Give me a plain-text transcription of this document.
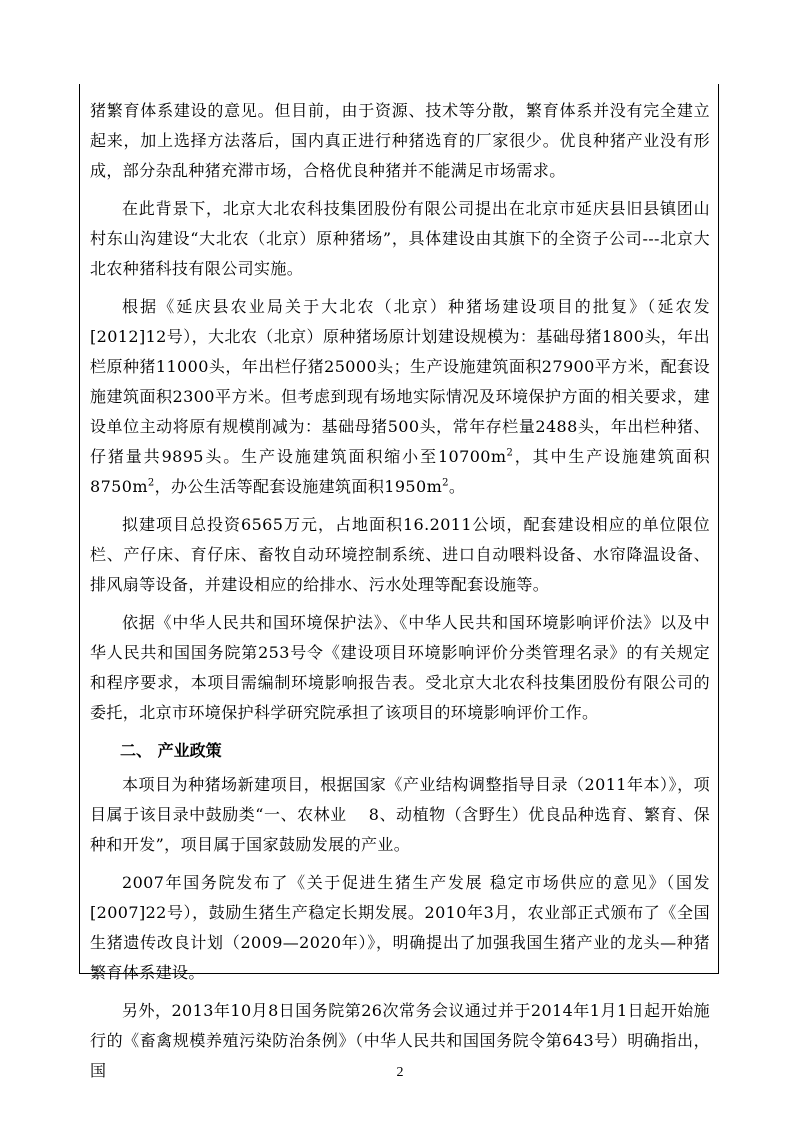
猪繁育体系建设的意见。但目前，由于资源、技术等分散，繁育体系并没有完全建立起来，加上选择方法落后，国内真正进行种猪选育的厂家很少。优良种猪产业没有形成，部分杂乱种猪充滞市场，合格优良种猪并不能满足市场需求。

在此背景下，北京大北农科技集团股份有限公司提出在北京市延庆县旧县镇团山村东山沟建设“大北农（北京）原种猪场”，具体建设由其旗下的全资子公司---北京大北农种猪科技有限公司实施。

根据《延庆县农业局关于大北农（北京）种猪场建设项目的批复》（延农发[2012]12号），大北农（北京）原种猪场原计划建设规模为：基础母猪1800头，年出栏原种猪11000头，年出栏仔猪25000头；生产设施建筑面积27900平方米，配套设施建筑面积2300平方米。但考虑到现有场地实际情况及环境保护方面的相关要求，建设单位主动将原有规模削减为：基础母猪500头，常年存栏量2488头，年出栏种猪、仔猪量共9895头。生产设施建筑面积缩小至$10700m^2$，其中生产设施建筑面积$8750m^2$，办公生活等配套设施建筑面积$1950m^2$。

拟建项目总投资6565万元，占地面积16.2011公顷，配套建设相应的单位限位栏、产仔床、育仔床、畜牧自动环境控制系统、进口自动喂料设备、水帘降温设备、排风扇等设备，并建设相应的给排水、污水处理等配套设施等。

依据《中华人民共和国环境保护法》、《中华人民共和国环境影响评价法》以及中华人民共和国国务院第253号令《建设项目环境影响评价分类管理名录》的有关规定和程序要求，本项目需编制环境影响报告表。受北京大北农科技集团股份有限公司的委托，北京市环境保护科学研究院承担了该项目的环境影响评价工作。

二、 产业政策

本项目为种猪场新建项目，根据国家《产业结构调整指导目录（2011年本）》，项目属于该目录中鼓励类“一、农林业　 8、动植物（含野生）优良品种选育、繁育、保种和开发”，项目属于国家鼓励发展的产业。

2007年国务院发布了《关于促进生猪生产发展 稳定市场供应的意见》（国发[2007]22号），鼓励生猪生产稳定长期发展。2010年3月，农业部正式颁布了《全国生猪遗传改良计划（2009—2020年）》，明确提出了加强我国生猪产业的龙头—种猪繁育体系建设。

另外，2013年10月8日国务院第26次常务会议通过并于2014年1月1日起开始施行的《畜禽规模养殖污染防治条例》（中华人民共和国国务院令第643号）明确指出，国	2
